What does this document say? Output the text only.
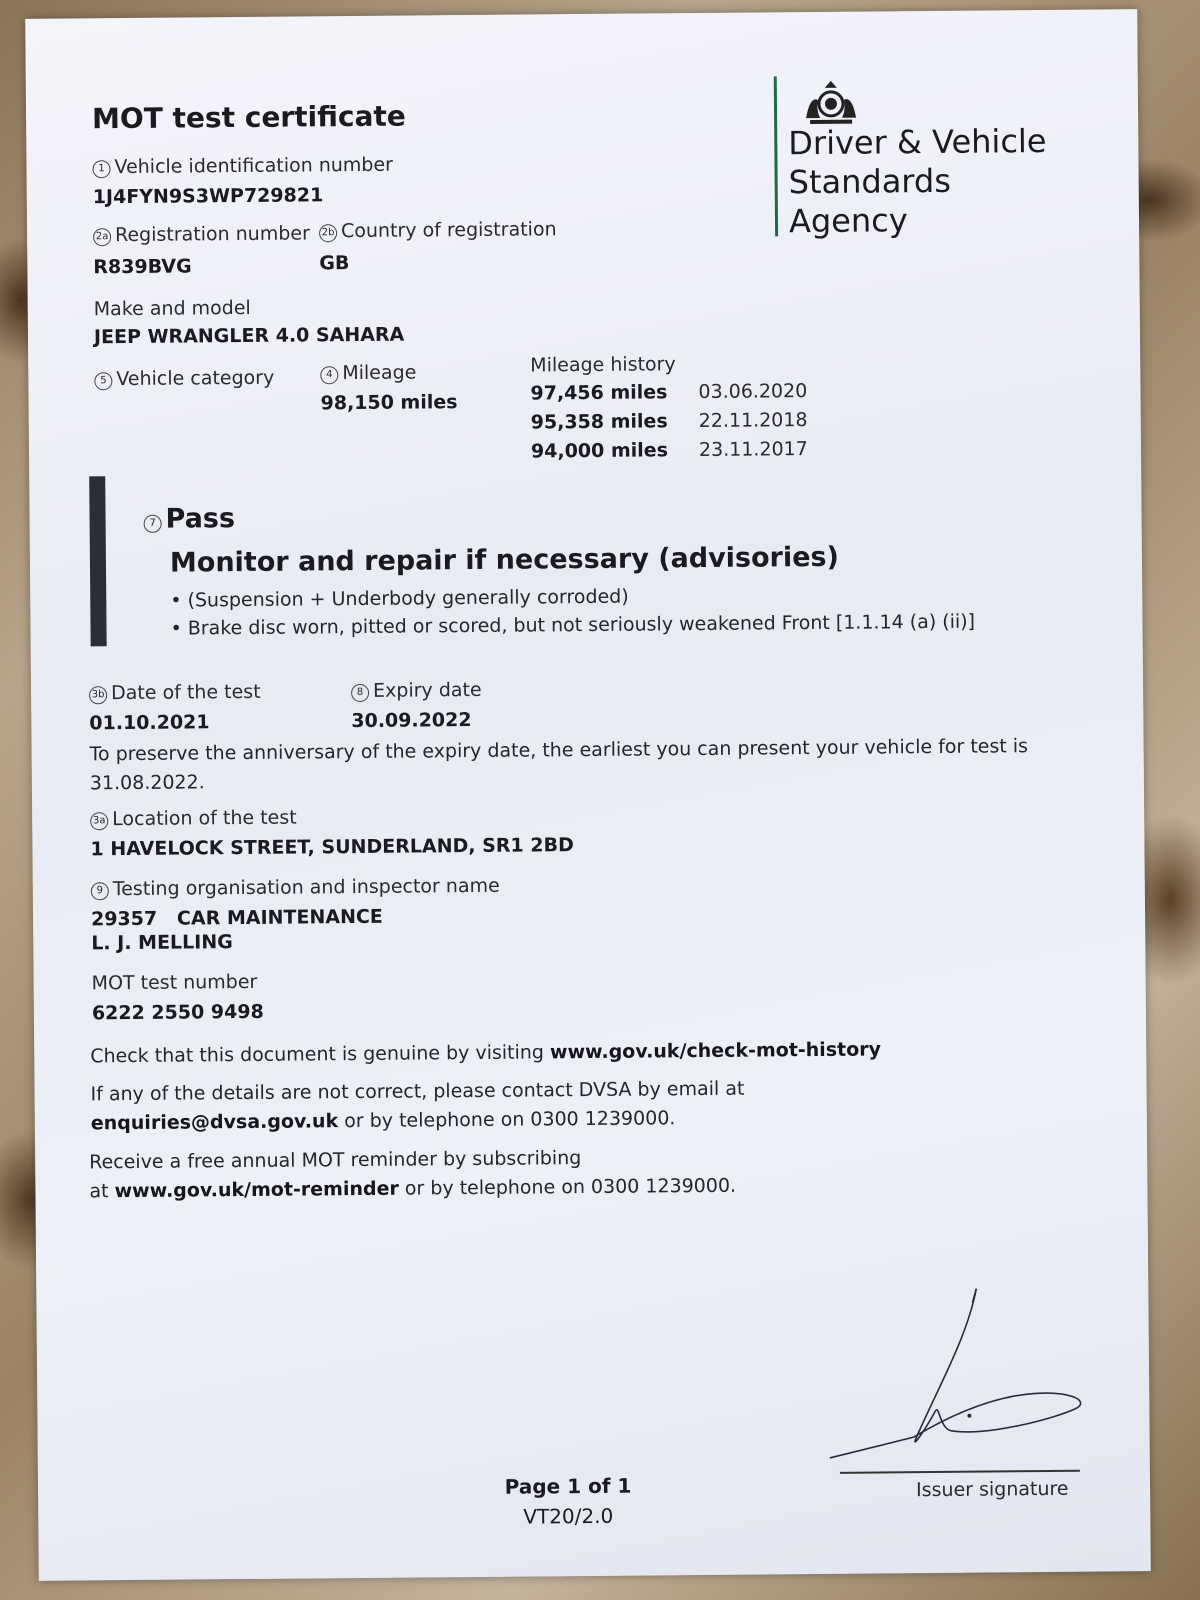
MOT test certificate
Driver & Vehicle
Standards
Agency
1 Vehicle identification number
1J4FYN9S3WP729821
2a Registration number
R839BVG
2b Country of registration
GB
Make and model
JEEP WRANGLER 4.0 SAHARA
5 Vehicle category	4 Mileage
98,150 miles
Mileage history
97,456 miles 03.06.2020
95,358 miles 22.11.2018
94,000 miles 23.11.2017
7 Pass
Monitor and repair if necessary (advisories)
• (Suspension + Underbody generally corroded)
• Brake disc worn, pitted or scored, but not seriously weakened Front [1.1.14 (a) (ii)]
3b Date of the test
01.10.2021
8 Expiry date
30.09.2022
To preserve the anniversary of the expiry date, the earliest you can present your vehicle for test is
31.08.2022.
3a Location of the test
1 HAVELOCK STREET, SUNDERLAND, SR1 2BD
9 Testing organisation and inspector name
29357   CAR MAINTENANCE
L. J. MELLING
MOT test number
6222 2550 9498
Check that this document is genuine by visiting www.gov.uk/check-mot-history
If any of the details are not correct, please contact DVSA by email at
enquiries@dvsa.gov.uk or by telephone on 0300 1239000.
Receive a free annual MOT reminder by subscribing
at www.gov.uk/mot-reminder or by telephone on 0300 1239000.
Issuer signature
Page 1 of 1
VT20/2.0
